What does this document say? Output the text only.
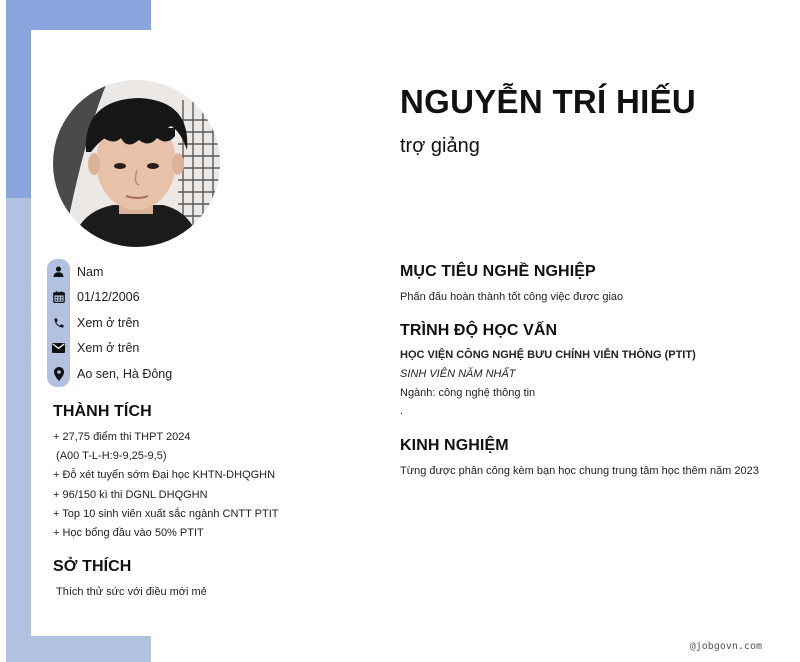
Nam
01/12/2006
Xem ở trên
Xem ở trên
Ao sen, Hà Đông
THÀNH TÍCH
+ 27,75 điểm thi THPT 2024
(A00 T-L-H:9-9,25-9,5)
+ Đỗ xét tuyển sớm Đại học KHTN-DHQGHN
+ 96/150 kì thi DGNL DHQGHN
+ Top 10 sinh viên xuất sắc ngành CNTT PTIT
+ Học bổng đầu vào 50% PTIT
SỞ THÍCH
Thích thử sức với điều mới mẻ
NGUYỄN TRÍ HIẾU
trợ giảng
MỤC TIÊU NGHỀ NGHIỆP
Phấn đấu hoàn thành tốt công việc được giao
TRÌNH ĐỘ HỌC VẤN
HỌC VIỆN CÔNG NGHỆ BƯU CHÍNH VIỄN THÔNG (PTIT)
SINH VIÊN NĂM NHẤT
Ngành: công nghệ thông tin
.
KINH NGHIỆM
Từng được phân công kèm bạn học chung trung tâm học thêm năm 2023
@jobgovn.com
